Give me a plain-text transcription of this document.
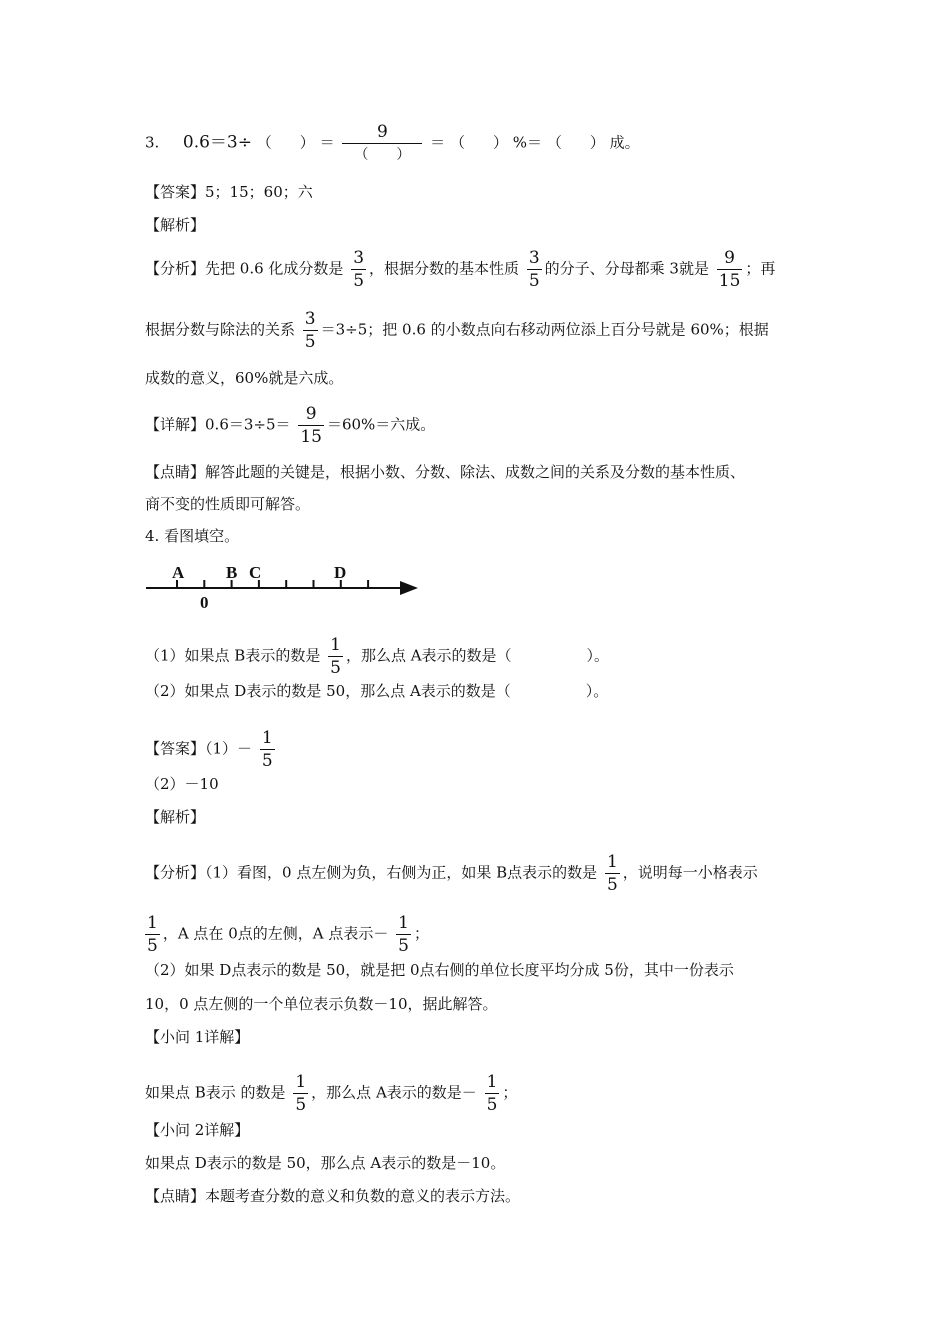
3. 0.6＝3÷ （ ） ＝ $\frac{9}{( )}$ ＝ （ ） %＝ （ ） 成。
【答案】5；15；60；六
【解析】
【分析】先把 0.6 化成分数是 $\frac{3}{5}$ ，根据分数的基本性质 $\frac{3}{5}$ 的分子、分母都乘 3就是 $\frac{9}{15}$ ；再
根据分数与除法的关系 $\frac{3}{5} =3\div 5$；把 0.6 的小数点向右移动两位添上百分号就是 60%；根据
成数的意义，60%就是六成。
【详解】$0.6=3\div 5= \frac{9}{15} =60\%=$六成。
【点睛】解答此题的关键是，根据小数、分数、除法、成数之间的关系及分数的基本性质、
商不变的性质即可解答。
4. 看图填空。
A B C	D
0
（1）如果点 B表示的数是 $\frac{1}{5}$ ，那么点 A表示的数是（　　　　　）。
（2）如果点 D表示的数是 50，那么点 A表示的数是（　　　　　）。
【答案】$(1)- \frac{1}{5}$
（2）－10
【解析】
【分析】（1）看图，0 点左侧为负，右侧为正，如果 B点表示的数是 $\frac{1}{5}$ ，说明每一小格表示
$\frac{1}{5}$ ，A 点在 0点的左侧，A 点表示－ $\frac{1}{5}$ ；
（2）如果 D点表示的数是 50，就是把 0点右侧的单位长度平均分成 5份，其中一份表示
10，0 点左侧的一个单位表示负数－10，据此解答。
【小问 1详解】
如果点 B表示 的数是 $\frac{1}{5}$ ，那么点 A表示的数是－ $\frac{1}{5}$ ；
【小问 2详解】
如果点 D表示的数是 50，那么点 A表示的数是－10。
【点睛】本题考查分数的意义和负数的意义的表示方法。
